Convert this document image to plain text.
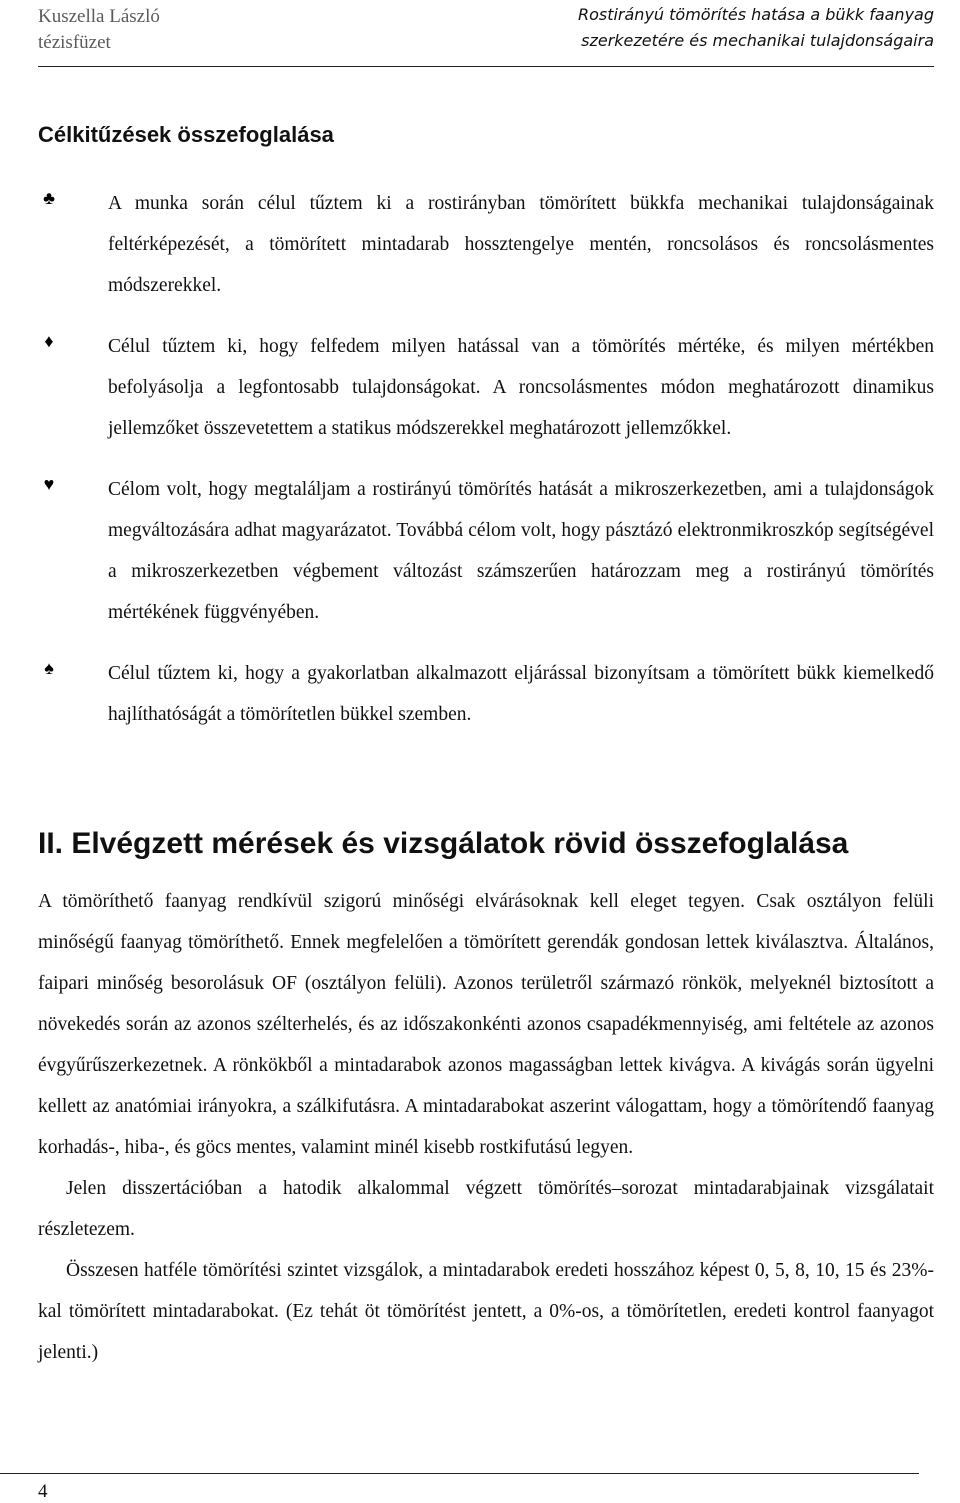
Kuszella László
tézisfüzet
Rostirányú tömörítés hatása a bükk faanyag
szerkezetére és mechanikai tulajdonságaira
Célkitűzések összefoglalása
♣	A munka során célul tűztem ki a rostirányban tömörített bükkfa mechanikai tulajdonságainak feltérképezését, a tömörített mintadarab hossztengelye mentén, roncsolásos és roncsolásmentes módszerekkel.

♦	Célul tűztem ki, hogy felfedem milyen hatással van a tömörítés mértéke, és milyen mértékben befolyásolja a legfontosabb tulajdonságokat. A roncsolásmentes módon meghatározott dinamikus jellemzőket összevetettem a statikus módszerekkel meghatározott jellemzőkkel.

♥	Célom volt, hogy megtaláljam a rostirányú tömörítés hatását a mikroszerkezetben, ami a tulajdonságok megváltozására adhat magyarázatot. Továbbá célom volt, hogy pásztázó elektronmikroszkóp segítségével a mikroszerkezetben végbement változást számszerűen határozzam meg a rostirányú tömörítés mértékének függvényében.

♠	Célul tűztem ki, hogy a gyakorlatban alkalmazott eljárással bizonyítsam a tömörített bükk kiemelkedő hajlíthatóságát a tömörítetlen bükkel szemben.

II. Elvégzett mérések és vizsgálatok rövid összefoglalása

A tömöríthető faanyag rendkívül szigorú minőségi elvárásoknak kell eleget tegyen. Csak osztályon felüli minőségű faanyag tömöríthető. Ennek megfelelően a tömörített gerendák gondosan lettek kiválasztva. Általános, faipari minőség besorolásuk OF (osztályon felüli). Azonos területről származó rönkök, melyeknél biztosított a növekedés során az azonos szélterhelés, és az időszakonkénti azonos csapadékmennyiség, ami feltétele az azonos évgyűrűszerkezetnek. A rönkökből a mintadarabok azonos magasságban lettek kivágva. A kivágás során ügyelni kellett az anatómiai irányokra, a szálkifutásra. A mintadarabokat aszerint válogattam, hogy a tömörítendő faanyag korhadás-, hiba-, és göcs mentes, valamint minél kisebb rostkifutású legyen.

Jelen disszertációban a hatodik alkalommal végzett tömörítés–sorozat mintadarabjainak vizsgálatait részletezem.

Összesen hatféle tömörítési szintet vizsgálok, a mintadarabok eredeti hosszához képest 0, 5, 8, 10, 15 és 23%-kal tömörített mintadarabokat. (Ez tehát öt tömörítést jentett, a 0%-os, a tömörítetlen, eredeti kontrol faanyagot jelenti.)

4
